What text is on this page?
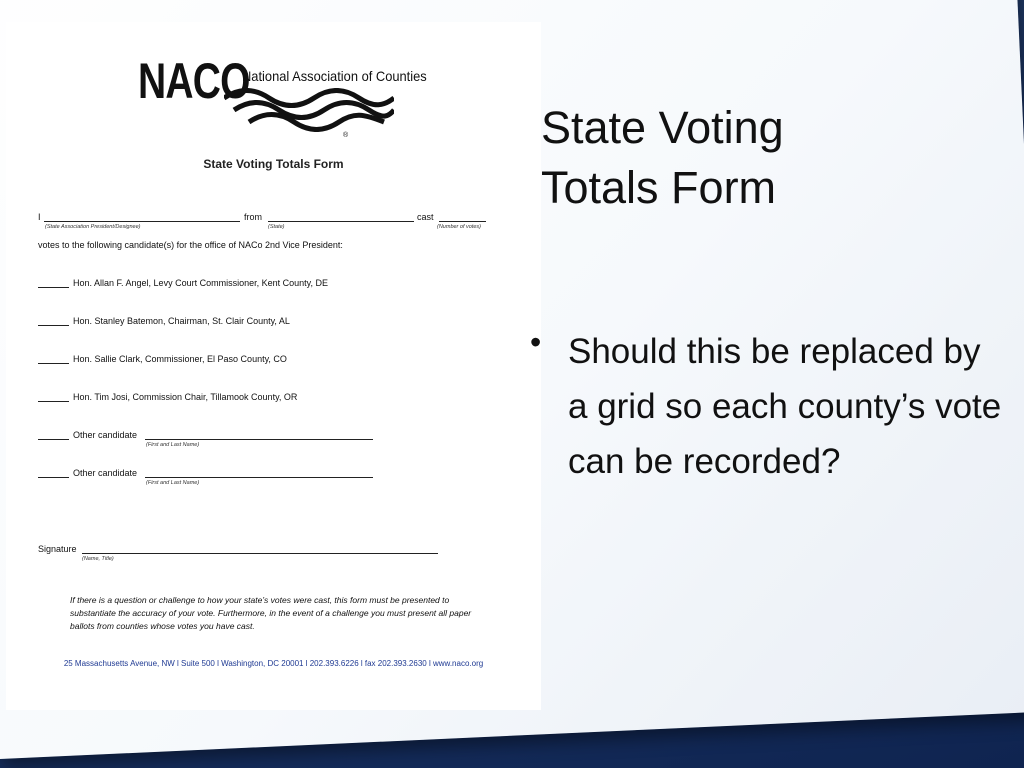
NACO
National Association of Counties
®
State Voting Totals Form
I	from	cast
(State Association President/Designee)	(State)	(Number of votes)
votes to the following candidate(s) for the office of NACo 2nd Vice President:
Hon. Allan F. Angel, Levy Court Commissioner, Kent County, DE
Hon. Stanley Batemon, Chairman, St. Clair County, AL
Hon. Sallie Clark, Commissioner, El Paso County, CO
Hon. Tim Josi, Commission Chair, Tillamook County, OR
Other candidate
(First and Last Name)
Other candidate
(First and Last Name)
Signature
(Name, Title)
If there is a question or challenge to how your state’s votes were cast, this form must be presented to substantiate the accuracy of your vote. Furthermore, in the event of a challenge you must present all paper ballots from counties whose votes you have cast.
25 Massachusetts Avenue, NW l Suite 500 l Washington, DC 20001 l 202.393.6226 l fax 202.393.2630 l www.naco.org
State Voting
Totals Form
• Should this be replaced by a grid so each county’s vote can be recorded?
